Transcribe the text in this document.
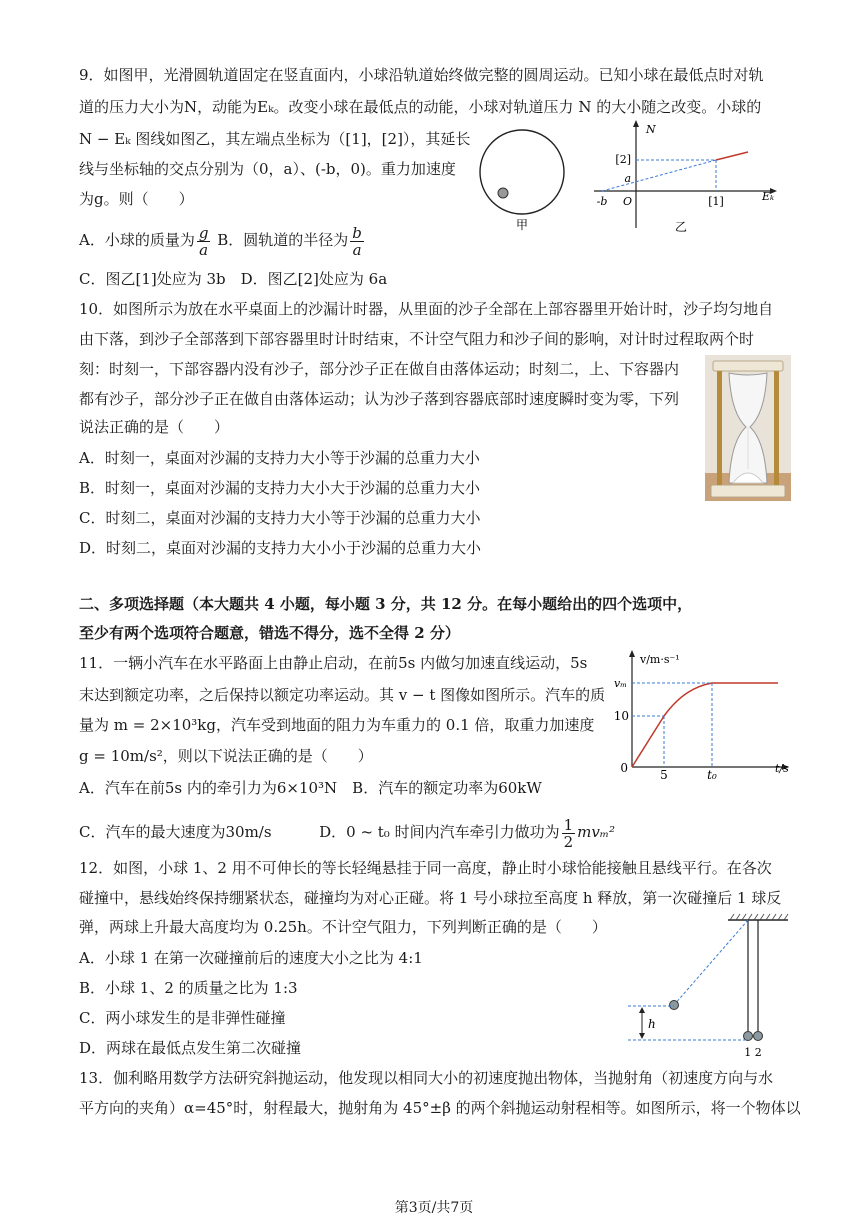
9．如图甲，光滑圆轨道固定在竖直面内，小球沿轨道始终做完整的圆周运动。已知小球在最低点时对轨
道的压力大小为N，动能为Eₖ。改变小球在最低点的动能，小球对轨道压力 N 的大小随之改变。小球的
N − Eₖ 图线如图乙，其左端点坐标为（[1]，[2]），其延长
线与坐标轴的交点分别为（0，a）、(-b，0)。重力加速度
为g。则（　　）
A．小球的质量为 $\frac{g}{a}$ B．圆轨道的半径为 $\frac{b}{a}$
C．图乙[1]处应为 3b　D．图乙[2]处应为 6a
甲
N
Eₖ
[2]
a
-b O	[1]
乙
10．如图所示为放在水平桌面上的沙漏计时器，从里面的沙子全部在上部容器里开始计时，沙子均匀地自
由下落，到沙子全部落到下部容器里时计时结束，不计空气阻力和沙子间的影响，对计时过程取两个时
刻：时刻一，下部容器内没有沙子，部分沙子正在做自由落体运动；时刻二，上、下容器内
都有沙子，部分沙子正在做自由落体运动；认为沙子落到容器底部时速度瞬时变为零，下列
说法正确的是（　　）
A．时刻一，桌面对沙漏的支持力大小等于沙漏的总重力大小
B．时刻一，桌面对沙漏的支持力大小大于沙漏的总重力大小
C．时刻二，桌面对沙漏的支持力大小等于沙漏的总重力大小
D．时刻二，桌面对沙漏的支持力大小小于沙漏的总重力大小
二、多项选择题（本大题共 4 小题，每小题 3 分，共 12 分。在每小题给出的四个选项中，
至少有两个选项符合题意，错选不得分，选不全得 2 分）
11．一辆小汽车在水平路面上由静止启动，在前5s 内做匀加速直线运动，5s
末达到额定功率，之后保持以额定功率运动。其 v − t 图像如图所示。汽车的质
量为 m = 2×10³kg，汽车受到地面的阻力为车重力的 0.1 倍，取重力加速度
g = 10m/s²，则以下说法正确的是（　　）
A．汽车在前5s 内的牵引力为6×10³N　B．汽车的额定功率为60kW
C．汽车的最大速度为30m/s	D．0 ~ t₀ 时间内汽车牵引力做功为 $\frac{1}{2} mv_m^2$
v/m·s⁻¹
vₘ
10
0	5	t₀	t/s
12．如图，小球 1、2 用不可伸长的等长轻绳悬挂于同一高度，静止时小球恰能接触且悬线平行。在各次
碰撞中，悬线始终保持绷紧状态，碰撞均为对心正碰。将 1 号小球拉至高度 h 释放，第一次碰撞后 1 球反
弹，两球上升最大高度均为 0.25h。不计空气阻力，下列判断正确的是（　　）
A．小球 1 在第一次碰撞前后的速度大小之比为 4:1
B．小球 1、2 的质量之比为 1:3
C．两小球发生的是非弹性碰撞
D．两球在最低点发生第二次碰撞
h
1 2
13．伽利略用数学方法研究斜抛运动，他发现以相同大小的初速度抛出物体，当抛射角（初速度方向与水
平方向的夹角）α=45°时，射程最大，抛射角为 45°±β 的两个斜抛运动射程相等。如图所示，将一个物体以
第3页/共7页
